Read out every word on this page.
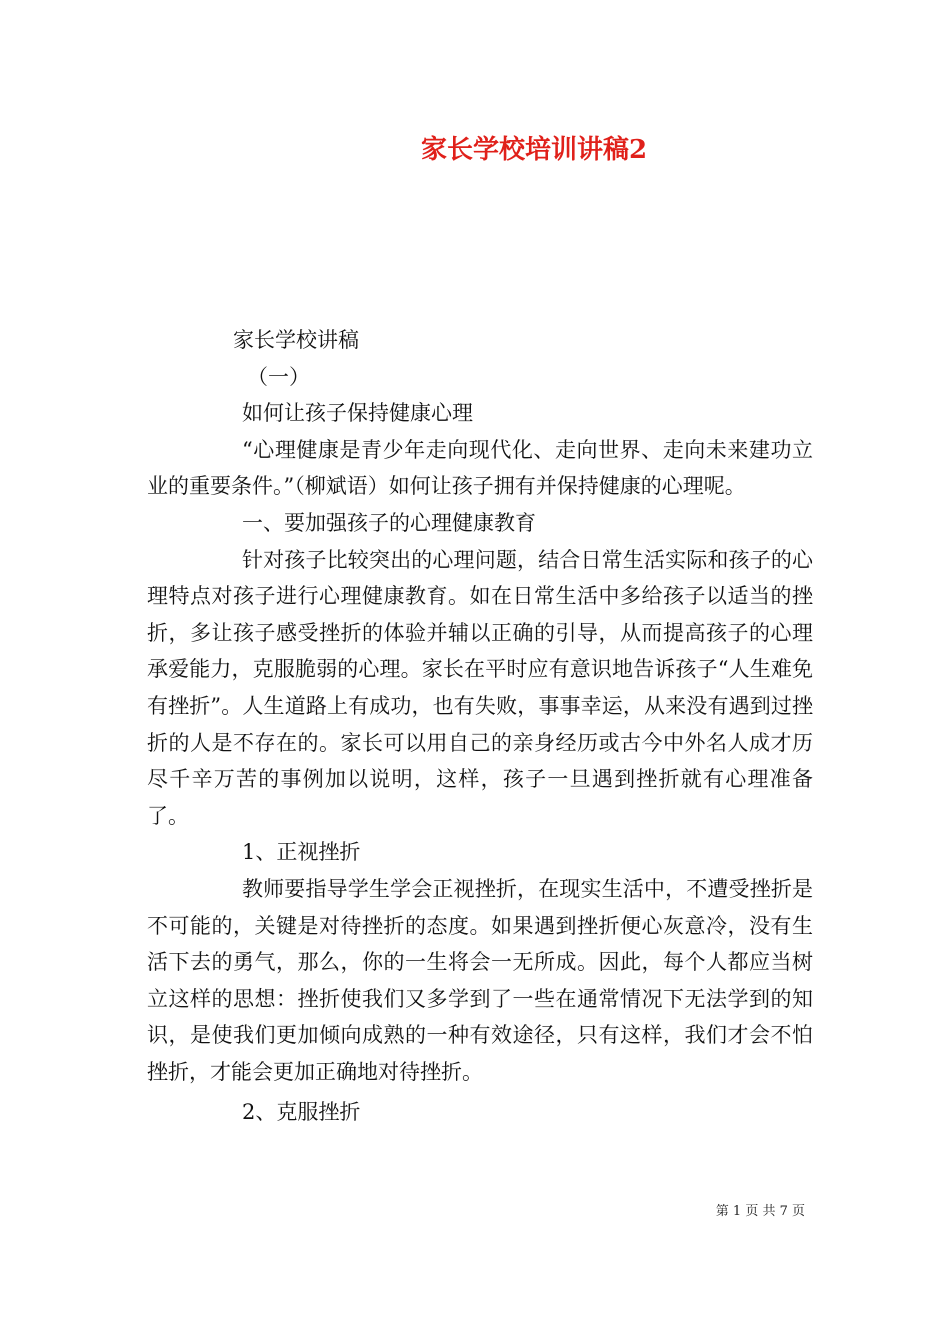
家长学校培训讲稿2

家长学校讲稿

（一）

如何让孩子保持健康心理

“心理健康是青少年走向现代化、走向世界、走向未来建功立业的重要条件。”（柳斌语）如何让孩子拥有并保持健康的心理呢。

一、要加强孩子的心理健康教育

针对孩子比较突出的心理问题，结合日常生活实际和孩子的心理特点对孩子进行心理健康教育。如在日常生活中多给孩子以适当的挫折，多让孩子感受挫折的体验并辅以正确的引导，从而提高孩子的心理承爱能力，克服脆弱的心理。家长在平时应有意识地告诉孩子“人生难免有挫折”。人生道路上有成功，也有失败，事事幸运，从来没有遇到过挫折的人是不存在的。家长可以用自己的亲身经历或古今中外名人成才历尽千辛万苦的事例加以说明，这样，孩子一旦遇到挫折就有心理准备了。

1、正视挫折

教师要指导学生学会正视挫折，在现实生活中，不遭受挫折是不可能的，关键是对待挫折的态度。如果遇到挫折便心灰意冷，没有生活下去的勇气，那么，你的一生将会一无所成。因此，每个人都应当树立这样的思想：挫折使我们又多学到了一些在通常情况下无法学到的知识，是使我们更加倾向成熟的一种有效途径，只有这样，我们才会不怕挫折，才能会更加正确地对待挫折。

2、克服挫折

第 1 页 共 7 页
